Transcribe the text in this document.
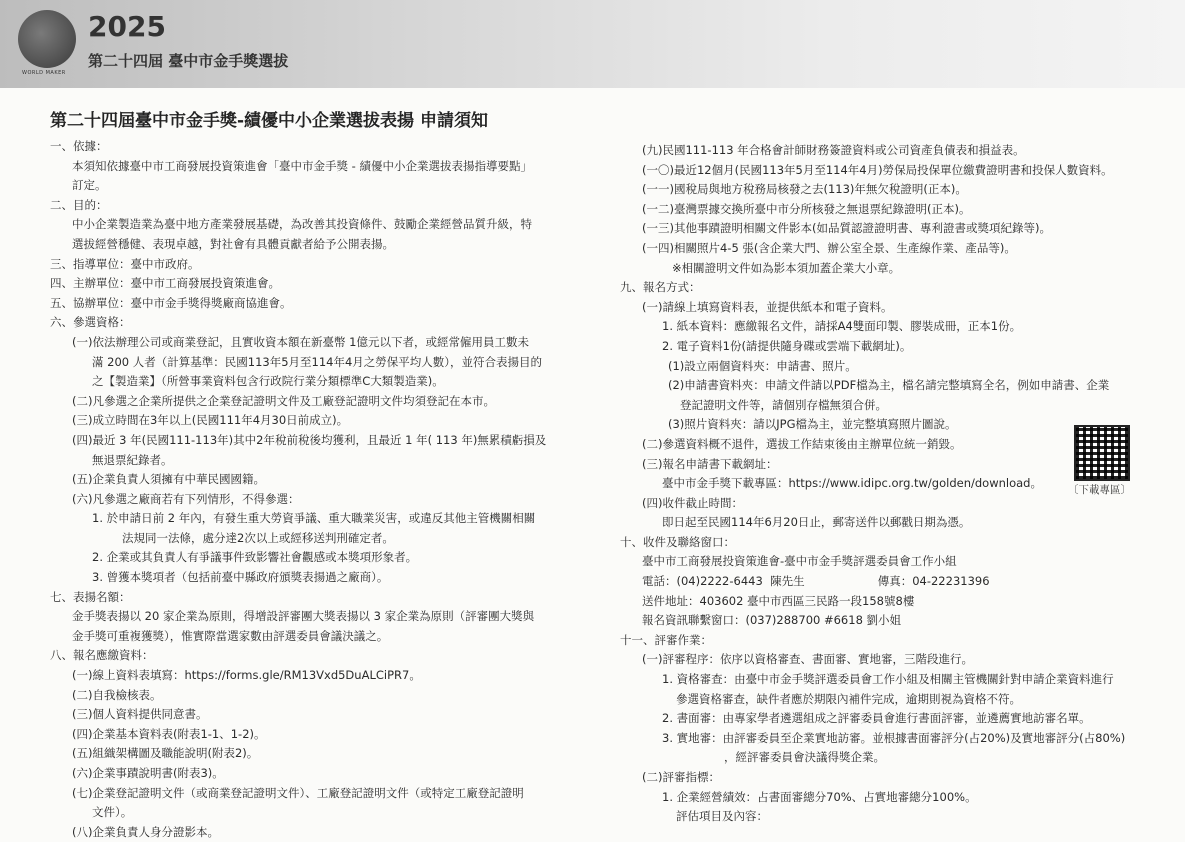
WORLD MAKER
2025
第二十四屆 臺中市金手獎選拔
第二十四屆臺中市金手獎-績優中小企業選拔表揚 申請須知
一、依據：
本須知依據臺中市工商發展投資策進會「臺中市金手獎 - 績優中小企業選拔表揚指導要點」
訂定。
二、目的：
中小企業製造業為臺中地方產業發展基礎，為改善其投資條件、鼓勵企業經營品質升級，特
選拔經營穩健、表現卓越，對社會有具體貢獻者給予公開表揚。
三、指導單位：臺中市政府。
四、主辦單位：臺中市工商發展投資策進會。
五、協辦單位：臺中市金手獎得獎廠商協進會。
六、參選資格：
(一)依法辦理公司或商業登記，且實收資本額在新臺幣 1億元以下者，或經常僱用員工數未
滿 200 人者（計算基準：民國113年5月至114年4月之勞保平均人數），並符合表揚目的
之【製造業】（所營事業資料包含行政院行業分類標準C大類製造業)。
(二)凡參選之企業所提供之企業登記證明文件及工廠登記證明文件均須登記在本市。
(三)成立時間在3年以上(民國111年4月30日前成立)。
(四)最近 3 年(民國111-113年)其中2年稅前稅後均獲利，且最近 1 年( 113 年)無累積虧損及
無退票紀錄者。
(五)企業負責人須擁有中華民國國籍。
(六)凡參選之廠商若有下列情形，不得參選：
1. 於申請日前 2 年內，有發生重大勞資爭議、重大職業災害，或違反其他主管機關相關
法規同一法條，處分達2次以上或經移送判刑確定者。
2. 企業或其負責人有爭議事件致影響社會觀感或本獎項形象者。
3. 曾獲本獎項者（包括前臺中縣政府頒獎表揚過之廠商）。
七、表揚名額：
金手獎表揚以 20 家企業為原則，得增設評審團大獎表揚以 3 家企業為原則（評審團大獎與
金手獎可重複獲獎），惟實際當選家數由評選委員會議決議之。
八、報名應繳資料：
(一)線上資料表填寫：https://forms.gle/RM13Vxd5DuALCiPR7。
(二)自我檢核表。
(三)個人資料提供同意書。
(四)企業基本資料表(附表1-1、1-2)。
(五)組織架構圖及職能說明(附表2)。
(六)企業事蹟說明書(附表3)。
(七)企業登記證明文件（或商業登記證明文件）、工廠登記證明文件（或特定工廠登記證明
文件）。
(八)企業負責人身分證影本。
(九)民國111-113 年合格會計師財務簽證資料或公司資產負債表和損益表。
(一〇)最近12個月(民國113年5月至114年4月)勞保局投保單位繳費證明書和投保人數資料。
(一一)國稅局與地方稅務局核發之去(113)年無欠稅證明(正本)。
(一二)臺灣票據交換所臺中市分所核發之無退票紀錄證明(正本)。
(一三)其他事蹟證明相關文件影本(如品質認證證明書、專利證書或獎項紀錄等)。
(一四)相關照片4-5 張(含企業大門、辦公室全景、生產線作業、產品等)。
※相關證明文件如為影本須加蓋企業大小章。
九、報名方式：
(一)請線上填寫資料表，並提供紙本和電子資料。
1. 紙本資料：應繳報名文件，請採A4雙面印製、膠裝成冊，正本1份。
2. 電子資料1份(請提供隨身碟或雲端下載網址)。
(1)設立兩個資料夾：申請書、照片。
(2)申請書資料夾：申請文件請以PDF檔為主，檔名請完整填寫全名，例如申請書、企業
登記證明文件等，請個別存檔無須合併。
(3)照片資料夾：請以JPG檔為主，並完整填寫照片圖說。
(二)參選資料概不退件，選拔工作結束後由主辦單位統一銷毀。
(三)報名申請書下載網址：
臺中市金手獎下載專區：https://www.idipc.org.tw/golden/download。
(四)收件截止時間：
即日起至民國114年6月20日止，郵寄送件以郵戳日期為憑。
十、收件及聯絡窗口：
臺中市工商發展投資策進會-臺中市金手獎評選委員會工作小組
電話：(04)2222-6443  陳先生                    傳真：04-22231396
送件地址：403602 臺中市西區三民路一段158號8樓
報名資訊聯繫窗口：(037)288700 #6618 劉小姐
十一、評審作業：
(一)評審程序：依序以資格審查、書面審、實地審，三階段進行。
1. 資格審查：由臺中市金手獎評選委員會工作小組及相關主管機關針對申請企業資料進行
參選資格審查，缺件者應於期限內補件完成，逾期則視為資格不符。
2. 書面審：由專家學者遴選組成之評審委員會進行書面評審，並遴薦實地訪審名單。
3. 實地審：由評審委員至企業實地訪審。並根據書面審評分(占20%)及實地審評分(占80%)
，經評審委員會決議得獎企業。
(二)評審指標：
1. 企業經營績效：占書面審總分70%、占實地審總分100%。
評估項目及內容：
〔下載專區〕
